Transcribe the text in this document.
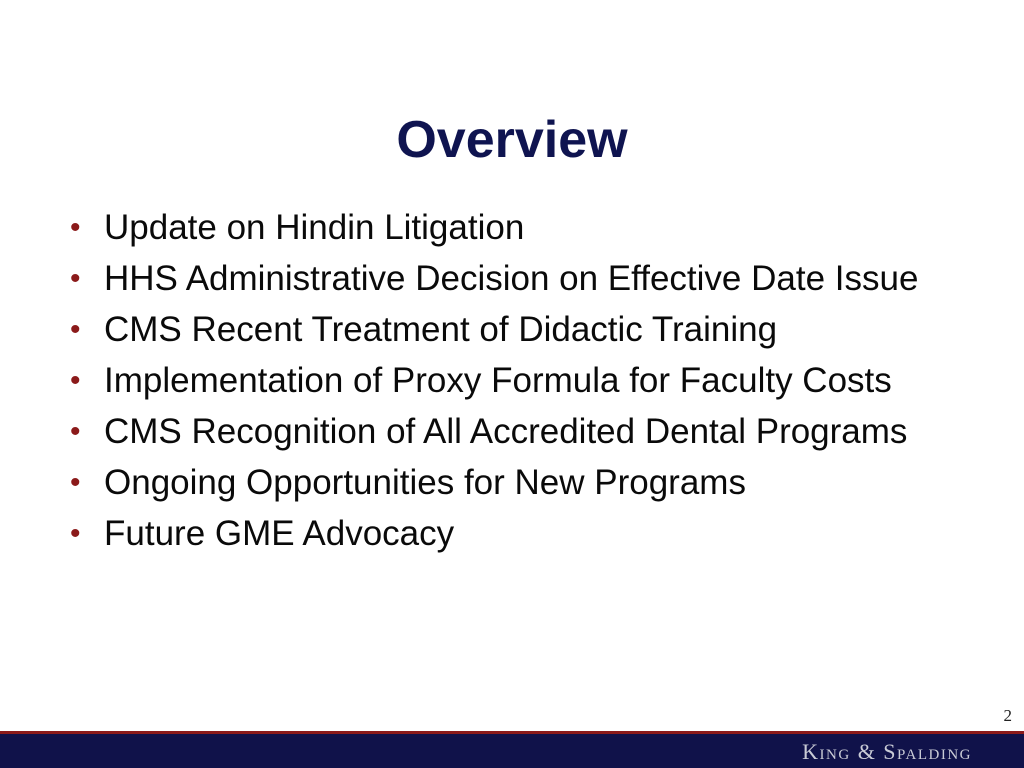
Overview
• Update on Hindin Litigation
• HHS Administrative Decision on Effective Date Issue
• CMS Recent Treatment of Didactic Training
• Implementation of Proxy Formula for Faculty Costs
• CMS Recognition of All Accredited Dental Programs
• Ongoing Opportunities for New Programs
• Future GME Advocacy
2
King & Spalding
